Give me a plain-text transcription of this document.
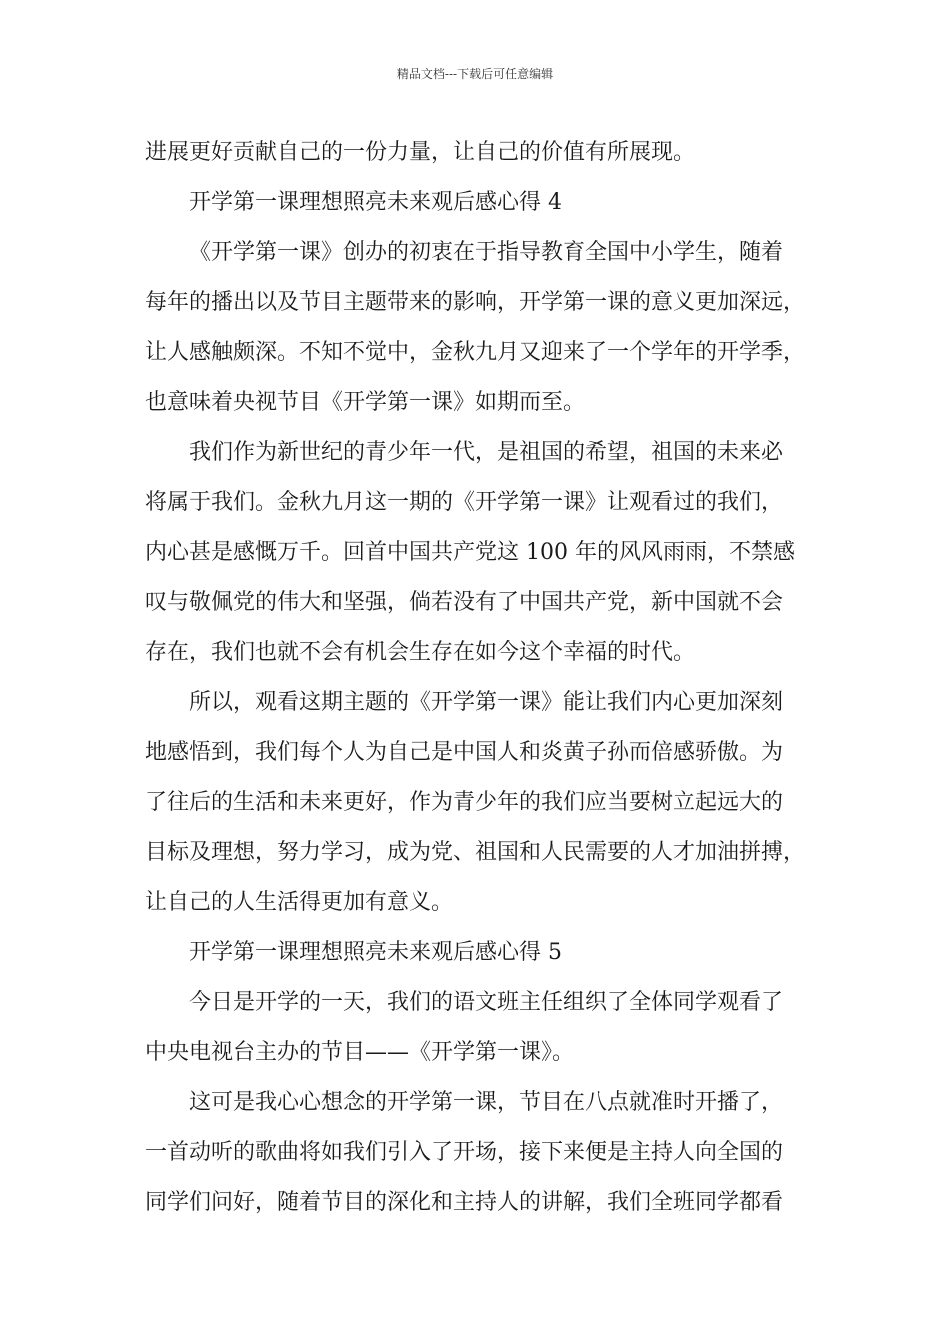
精品文档---下载后可任意编辑
进展更好贡献自己的一份力量，让自己的价值有所展现。
开学第一课理想照亮未来观后感心得 4
《开学第一课》创办的初衷在于指导教育全国中小学生，随着
每年的播出以及节目主题带来的影响，开学第一课的意义更加深远，
让人感触颇深。不知不觉中，金秋九月又迎来了一个学年的开学季，
也意味着央视节目《开学第一课》如期而至。
我们作为新世纪的青少年一代，是祖国的希望，祖国的未来必
将属于我们。金秋九月这一期的《开学第一课》让观看过的我们，
内心甚是感慨万千。回首中国共产党这 100 年的风风雨雨，不禁感
叹与敬佩党的伟大和坚强，倘若没有了中国共产党，新中国就不会
存在，我们也就不会有机会生存在如今这个幸福的时代。
所以，观看这期主题的《开学第一课》能让我们内心更加深刻
地感悟到，我们每个人为自己是中国人和炎黄子孙而倍感骄傲。为
了往后的生活和未来更好，作为青少年的我们应当要树立起远大的
目标及理想，努力学习，成为党、祖国和人民需要的人才加油拼搏，
让自己的人生活得更加有意义。
开学第一课理想照亮未来观后感心得 5
今日是开学的一天，我们的语文班主任组织了全体同学观看了
中央电视台主办的节目——《开学第一课》。
这可是我心心想念的开学第一课，节目在八点就准时开播了，
一首动听的歌曲将如我们引入了开场，接下来便是主持人向全国的
同学们问好，随着节目的深化和主持人的讲解，我们全班同学都看
